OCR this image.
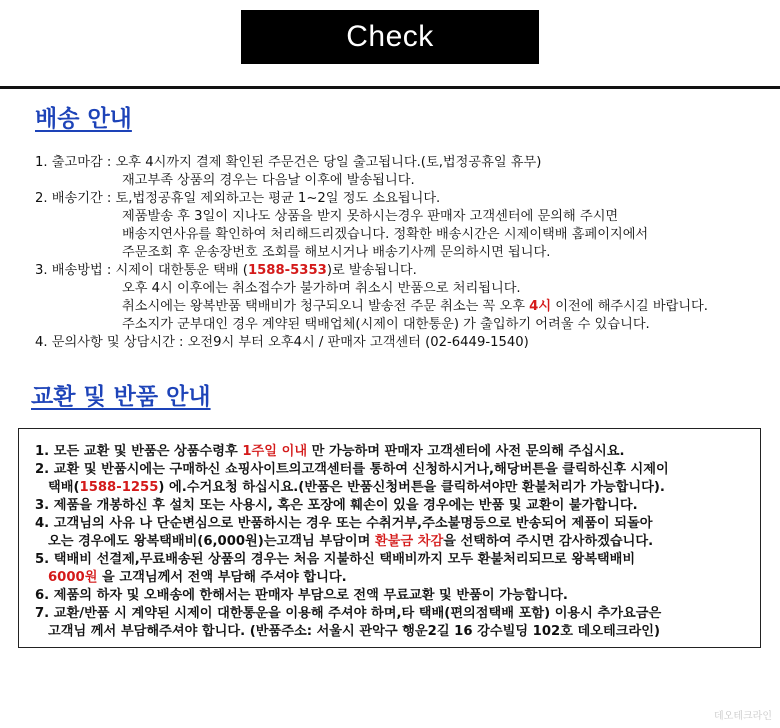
Check
배송 안내
1. 출고마감 : 오후 4시까지 결제 확인된 주문건은 당일 출고됩니다.(토,법정공휴일 휴무)
재고부족 상품의 경우는 다음날 이후에 발송됩니다.
2. 배송기간 : 토,법정공휴일 제외하고는 평균 1~2일 정도 소요됩니다.
제품발송 후 3일이 지나도 상품을 받지 못하시는경우 판매자 고객센터에 문의해 주시면
배송지연사유를 확인하여 처리해드리겠습니다. 정확한 배송시간은 시제이택배 홈페이지에서
주문조회 후 운송장번호 조회를 해보시거나 배송기사께 문의하시면 됩니다.
3. 배송방법 : 시제이 대한통운 택배 (1588-5353)로 발송됩니다.
오후 4시 이후에는 취소접수가 불가하며 취소시 반품으로 처리됩니다.
취소시에는 왕복반품 택배비가 청구되오니 발송전 주문 취소는 꼭 오후 4시 이전에 해주시길 바랍니다.
주소지가 군부대인 경우 계약된 택배업체(시제이 대한통운) 가 출입하기 어려울 수 있습니다.
4. 문의사항 및 상담시간 : 오전9시 부터 오후4시 / 판매자 고객센터 (02-6449-1540)
교환 및 반품 안내
1. 모든 교환 및 반품은 상품수령후 1주일 이내 만 가능하며 판매자 고객센터에 사전 문의해 주십시요.
2. 교환 및 반품시에는 구매하신 쇼핑사이트의고객센터를 통하여 신청하시거나,해당버튼을 클릭하신후 시제이
택배(1588-1255) 에.수거요청 하십시요.(반품은 반품신청버튼을 클릭하셔야만 환불처리가 가능합니다).
3. 제품을 개봉하신 후 설치 또는 사용시, 혹은 포장에 훼손이 있을 경우에는 반품 및 교환이 불가합니다.
4. 고객님의 사유 나 단순변심으로 반품하시는 경우 또는 수취거부,주소불명등으로 반송되어 제품이 되돌아
오는 경우에도 왕복택배비(6,000원)는고객님 부담이며 환불금 차감을 선택하여 주시면 감사하겠습니다.
5. 택배비 선결제,무료배송된 상품의 경우는 처음 지불하신 택배비까지 모두 환불처리되므로 왕복택배비
6000원 을 고객님께서 전액 부담해 주셔야 합니다.
6. 제품의 하자 및 오배송에 한해서는 판매자 부담으로 전액 무료교환 및 반품이 가능합니다.
7. 교환/반품 시 계약된 시제이 대한통운을 이용해 주셔야 하며,타 택배(편의점택배 포함) 이용시 추가요금은
고객님 께서 부담해주셔야 합니다. (반품주소: 서울시 관악구 행운2길 16 강수빌딩 102호 데오테크라인)
데오테크라인
